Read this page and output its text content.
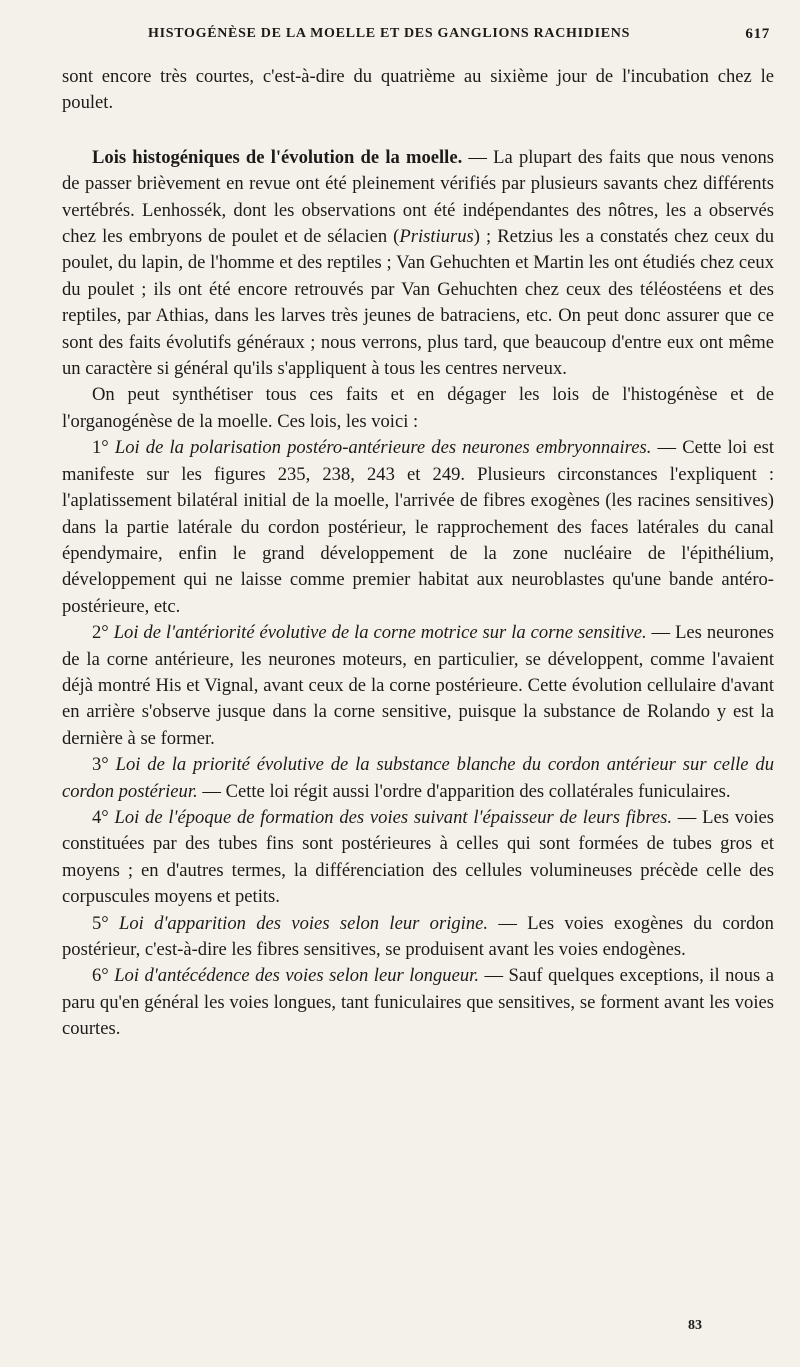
HISTOGÉNÈSE DE LA MOELLE ET DES GANGLIONS RACHIDIENS	617

sont encore très courtes, c'est-à-dire du quatrième au sixième jour de l'incubation chez le poulet.

Lois histogéniques de l'évolution de la moelle. — La plupart des faits que nous venons de passer brièvement en revue ont été pleinement vérifiés par plusieurs savants chez différents vertébrés. Lenhossék, dont les observations ont été indépendantes des nôtres, les a observés chez les embryons de poulet et de sélacien (Pristiurus) ; Retzius les a constatés chez ceux du poulet, du lapin, de l'homme et des reptiles ; Van Gehuchten et Martin les ont étudiés chez ceux du poulet ; ils ont été encore retrouvés par Van Gehuchten chez ceux des téléostéens et des reptiles, par Athias, dans les larves très jeunes de batraciens, etc. On peut donc assurer que ce sont des faits évolutifs généraux ; nous verrons, plus tard, que beaucoup d'entre eux ont même un caractère si général qu'ils s'appliquent à tous les centres nerveux.

On peut synthétiser tous ces faits et en dégager les lois de l'histogénèse et de l'organogénèse de la moelle. Ces lois, les voici :

1° Loi de la polarisation postéro-antérieure des neurones embryonnaires. — Cette loi est manifeste sur les figures 235, 238, 243 et 249. Plusieurs circonstances l'expliquent : l'aplatissement bilatéral initial de la moelle, l'arrivée de fibres exogènes (les racines sensitives) dans la partie latérale du cordon postérieur, le rapprochement des faces latérales du canal épendymaire, enfin le grand développement de la zone nucléaire de l'épithélium, développement qui ne laisse comme premier habitat aux neuroblastes qu'une bande antéro-postérieure, etc.

2° Loi de l'antériorité évolutive de la corne motrice sur la corne sensitive. — Les neurones de la corne antérieure, les neurones moteurs, en particulier, se développent, comme l'avaient déjà montré His et Vignal, avant ceux de la corne postérieure. Cette évolution cellulaire d'avant en arrière s'observe jusque dans la corne sensitive, puisque la substance de Rolando y est la dernière à se former.

3° Loi de la priorité évolutive de la substance blanche du cordon antérieur sur celle du cordon postérieur. — Cette loi régit aussi l'ordre d'apparition des collatérales funiculaires.

4° Loi de l'époque de formation des voies suivant l'épaisseur de leurs fibres. — Les voies constituées par des tubes fins sont postérieures à celles qui sont formées de tubes gros et moyens ; en d'autres termes, la différenciation des cellules volumineuses précède celle des corpuscules moyens et petits.

5° Loi d'apparition des voies selon leur origine. — Les voies exogènes du cordon postérieur, c'est-à-dire les fibres sensitives, se produisent avant les voies endogènes.

6° Loi d'antécédence des voies selon leur longueur. — Sauf quelques exceptions, il nous a paru qu'en général les voies longues, tant funiculaires que sensitives, se forment avant les voies courtes.

83
